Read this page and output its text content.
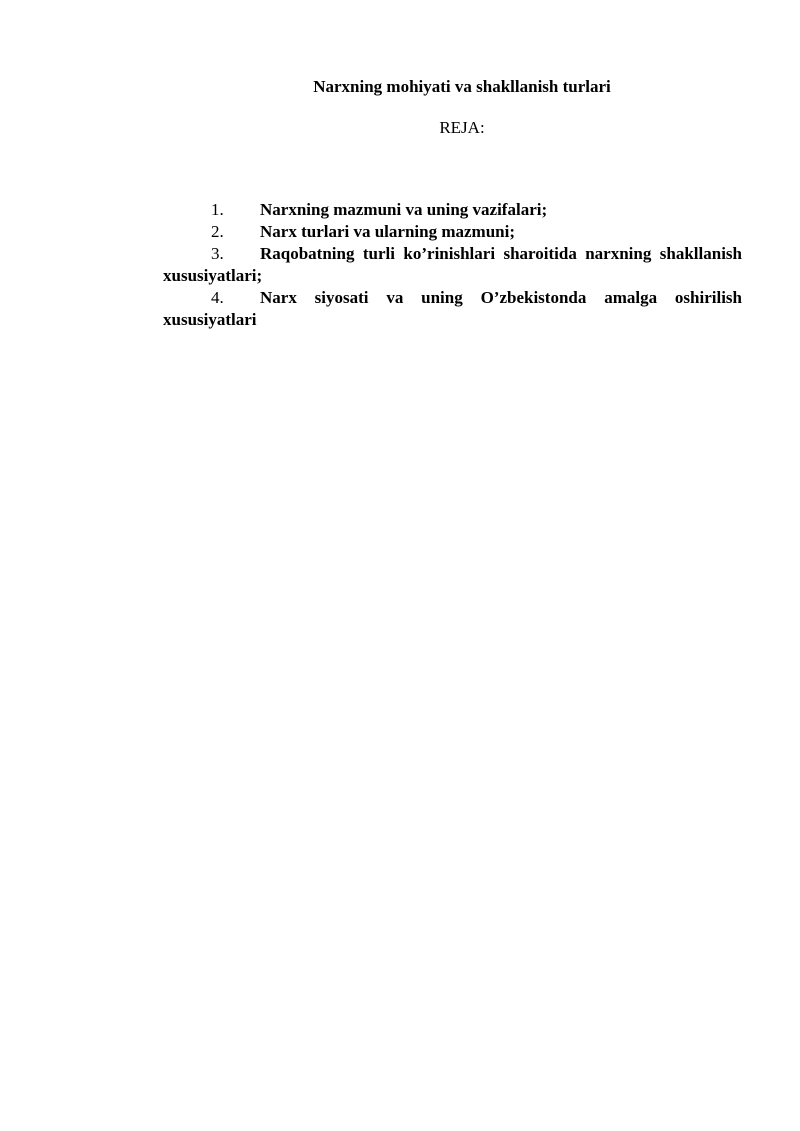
Narxning mohiyati va shakllanish turlari
REJA:

1. Narxning mazmuni va uning vazifalari;

2. Narx turlari va ularning mazmuni;

3. Raqobatning turli ko’rinishlari sharoitida narxning shakllanish xususiyatlari;

4. Narx siyosati va uning O’zbekistonda amalga oshirilish xususiyatlari
